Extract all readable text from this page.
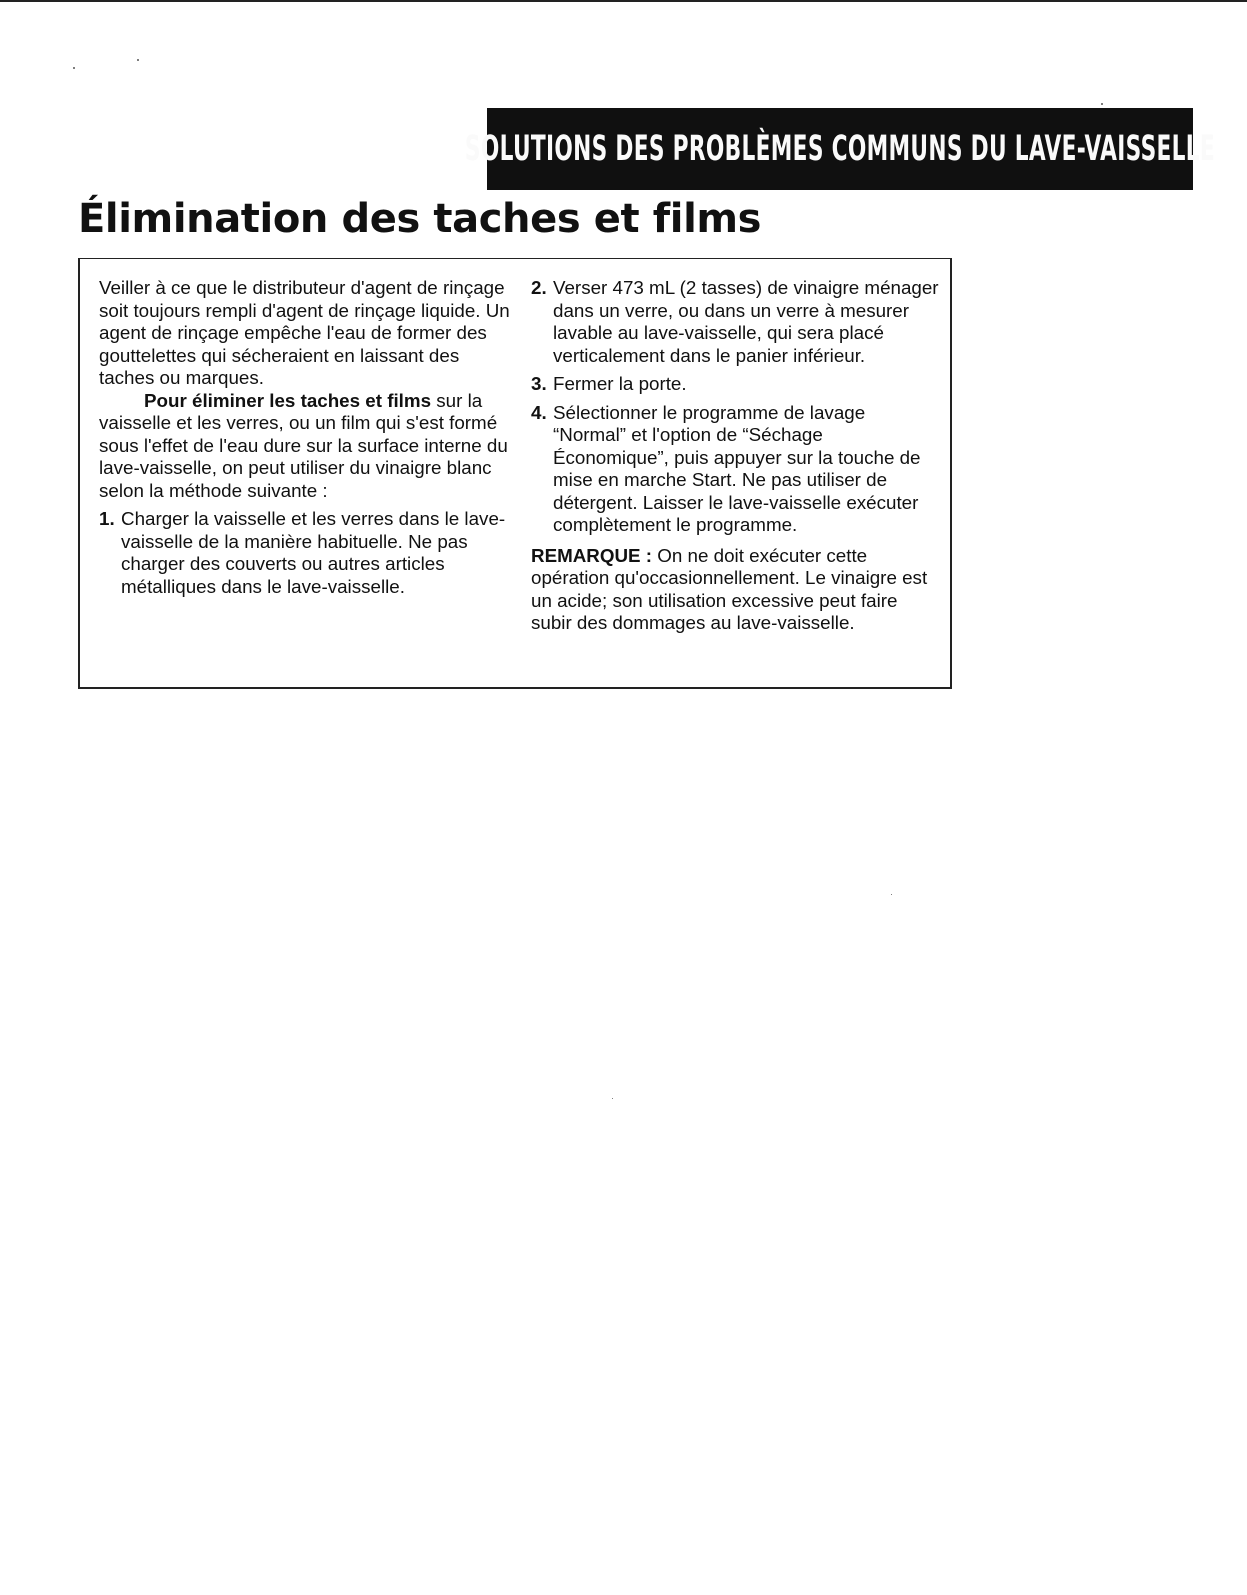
SOLUTIONS DES PROBLÈMES COMMUNS DU LAVE-VAISSELLE
Élimination des taches et films

Veiller à ce que le distributeur d'agent de rinçage soit toujours rempli d'agent de rinçage liquide. Un agent de rinçage empêche l'eau de former des gouttelettes qui sécheraient en laissant des taches ou marques.

Pour éliminer les taches et films sur la vaisselle et les verres, ou un film qui s'est formé sous l'effet de l'eau dure sur la surface interne du lave-vaisselle, on peut utiliser du vinaigre blanc selon la méthode suivante :

1. Charger la vaisselle et les verres dans le lave-vaisselle de la manière habituelle. Ne pas charger des couverts ou autres articles métalliques dans le lave-vaisselle.
2. Verser 473 mL (2 tasses) de vinaigre ménager dans un verre, ou dans un verre à mesurer lavable au lave-vaisselle, qui sera placé verticalement dans le panier inférieur.
3. Fermer la porte.
4. Sélectionner le programme de lavage “Normal” et l'option de “Séchage Économique”, puis appuyer sur la touche de mise en marche Start. Ne pas utiliser de détergent. Laisser le lave-vaisselle exécuter complètement le programme.

REMARQUE : On ne doit exécuter cette opération qu'occasionnellement. Le vinaigre est un acide; son utilisation excessive peut faire subir des dommages au lave-vaisselle.
